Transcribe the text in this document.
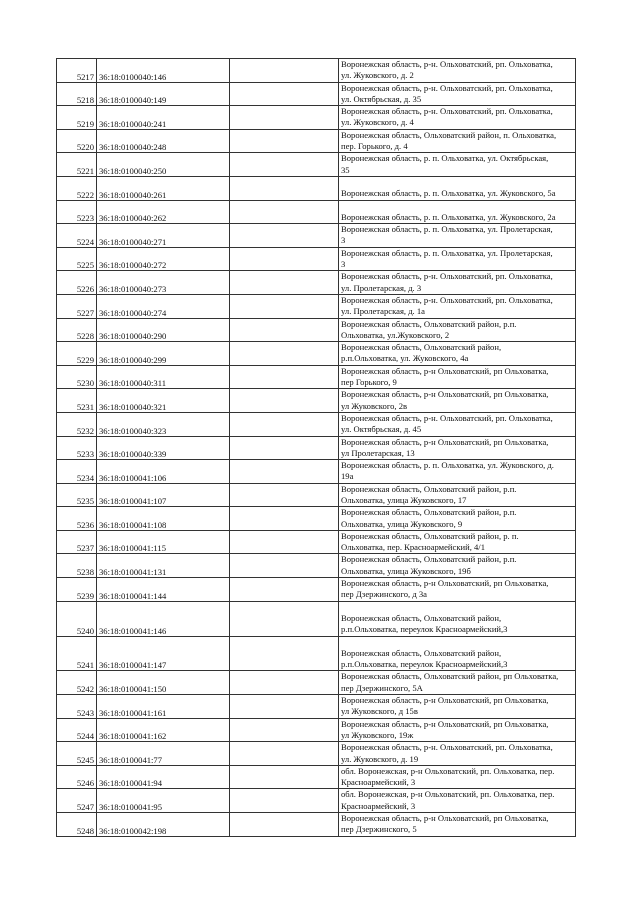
5217	36:18:0100040:146		Воронежская область, р-н. Ольховатский, рп. Ольховатка,
ул. Жуковского, д. 2

5218	36:18:0100040:149		Воронежская область, р-н. Ольховатский, рп. Ольховатка,
ул. Октябрьская, д. 35

5219	36:18:0100040:241		Воронежская область, р-н. Ольховатский, рп. Ольховатка,
ул. Жуковского, д. 4

5220	36:18:0100040:248		Воронежская область, Ольховатский район, п. Ольховатка,
пер. Горького, д. 4

5221	36:18:0100040:250		Воронежская область, р. п. Ольховатка, ул. Октябрьская,
35

5222	36:18:0100040:261		Воронежская область, р. п. Ольховатка, ул. Жуковского, 5а

5223	36:18:0100040:262		Воронежская область, р. п. Ольховатка, ул. Жуковского, 2а

5224	36:18:0100040:271		Воронежская область, р. п. Ольховатка, ул. Пролетарская,
3

5225	36:18:0100040:272		Воронежская область, р. п. Ольховатка, ул. Пролетарская,
3

5226	36:18:0100040:273		Воронежская область, р-н. Ольховатский, рп. Ольховатка,
ул. Пролетарская, д. 3

5227	36:18:0100040:274		Воронежская область, р-н. Ольховатский, рп. Ольховатка,
ул. Пролетарская, д. 1а

5228	36:18:0100040:290		Воронежская область, Ольховатский район, р.п.
Ольховатка, ул.Жуковского, 2

5229	36:18:0100040:299		Воронежская область, Ольховатский район,
р.п.Ольховатка, ул. Жуковского, 4а

5230	36:18:0100040:311		Воронежская область, р-н Ольховатский, рп Ольховатка,
пер Горького, 9

5231	36:18:0100040:321		Воронежская область, р-н Ольховатский, рп Ольховатка,
ул Жуковского, 2в

5232	36:18:0100040:323		Воронежская область, р-н. Ольховатский, рп. Ольховатка,
ул. Октябрьская, д. 45

5233	36:18:0100040:339		Воронежская область, р-н Ольховатский, рп Ольховатка,
ул Пролетарская, 13

5234	36:18:0100041:106		Воронежская область, р. п. Ольховатка, ул. Жуковского, д.
19а

5235	36:18:0100041:107		Воронежская область, Ольховатский район, р.п.
Ольховатка, улица Жуковского, 17

5236	36:18:0100041:108		Воронежская область, Ольховатский район, р.п.
Ольховатка, улица Жуковского, 9

5237	36:18:0100041:115		Воронежская область, Ольховатский район, р. п.
Ольховатка, пер. Красноармейский, 4/1

5238	36:18:0100041:131		Воронежская область, Ольховатский район, р.п.
Ольховатка, улица Жуковского, 19б

5239	36:18:0100041:144		Воронежская область, р-н Ольховатский, рп Ольховатка,
пер Дзержинского, д 3а

5240	36:18:0100041:146		Воронежская область, Ольховатский район,
р.п.Ольховатка, переулок Красноармейский,3

5241	36:18:0100041:147		Воронежская область, Ольховатский район,
р.п.Ольховатка, переулок Красноармейский,3

5242	36:18:0100041:150		Воронежская область, Ольховатский район, рп Ольховатка,
пер Дзержинского, 5А

5243	36:18:0100041:161		Воронежская область, р-н Ольховатский, рп Ольховатка,
ул Жуковского, д 15в

5244	36:18:0100041:162		Воронежская область, р-н Ольховатский, рп Ольховатка,
ул Жуковского, 19ж

5245	36:18:0100041:77		Воронежская область, р-н. Ольховатский, рп. Ольховатка,
ул. Жуковского, д. 19

5246	36:18:0100041:94		обл. Воронежская, р-н Ольховатский, рп. Ольховатка, пер.
Красноармейский, 3

5247	36:18:0100041:95		обл. Воронежская, р-н Ольховатский, рп. Ольховатка, пер.
Красноармейский, 3

5248	36:18:0100042:198		Воронежская область, р-н Ольховатский, рп Ольховатка,
пер Дзержинского, 5
